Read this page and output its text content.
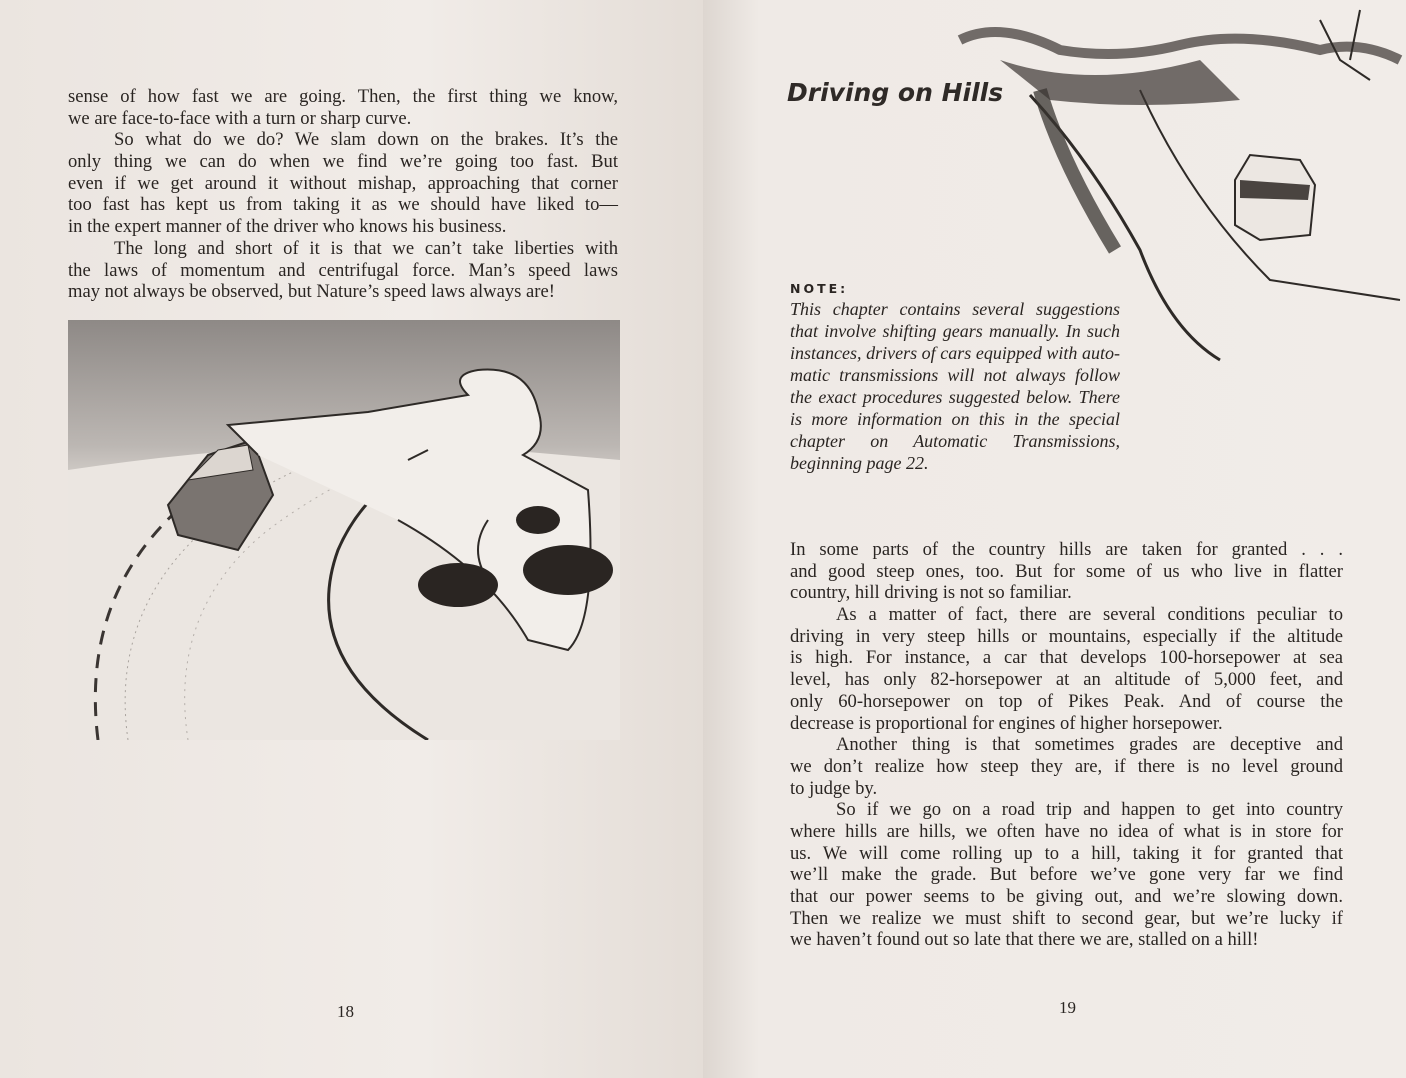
sense of how fast we are going. Then, the first thing we know,
we are face-to-face with a turn or sharp curve.
So what do we do? We slam down on the brakes. It’s the
only thing we can do when we find we’re going too fast. But
even if we get around it without mishap, approaching that corner
too fast has kept us from taking it as we should have liked to—
in the expert manner of the driver who knows his business.
The long and short of it is that we can’t take liberties with
the laws of momentum and centrifugal force. Man’s speed laws
may not always be observed, but Nature’s speed laws always are!
18
Driving on Hills
NOTE:
This chapter contains several suggestions
that involve shifting gears manually. In such
instances, drivers of cars equipped with auto-
matic transmissions will not always follow
the exact procedures suggested below. There
is more information on this in the special
chapter on Automatic Transmissions,
beginning page 22.
In some parts of the country hills are taken for granted . . .
and good steep ones, too. But for some of us who live in flatter
country, hill driving is not so familiar.
As a matter of fact, there are several conditions peculiar to
driving in very steep hills or mountains, especially if the altitude
is high. For instance, a car that develops 100-horsepower at sea
level, has only 82-horsepower at an altitude of 5,000 feet, and
only 60-horsepower on top of Pikes Peak. And of course the
decrease is proportional for engines of higher horsepower.
Another thing is that sometimes grades are deceptive and
we don’t realize how steep they are, if there is no level ground
to judge by.
So if we go on a road trip and happen to get into country
where hills are hills, we often have no idea of what is in store for
us. We will come rolling up to a hill, taking it for granted that
we’ll make the grade. But before we’ve gone very far we find
that our power seems to be giving out, and we’re slowing down.
Then we realize we must shift to second gear, but we’re lucky if
we haven’t found out so late that there we are, stalled on a hill!
19
